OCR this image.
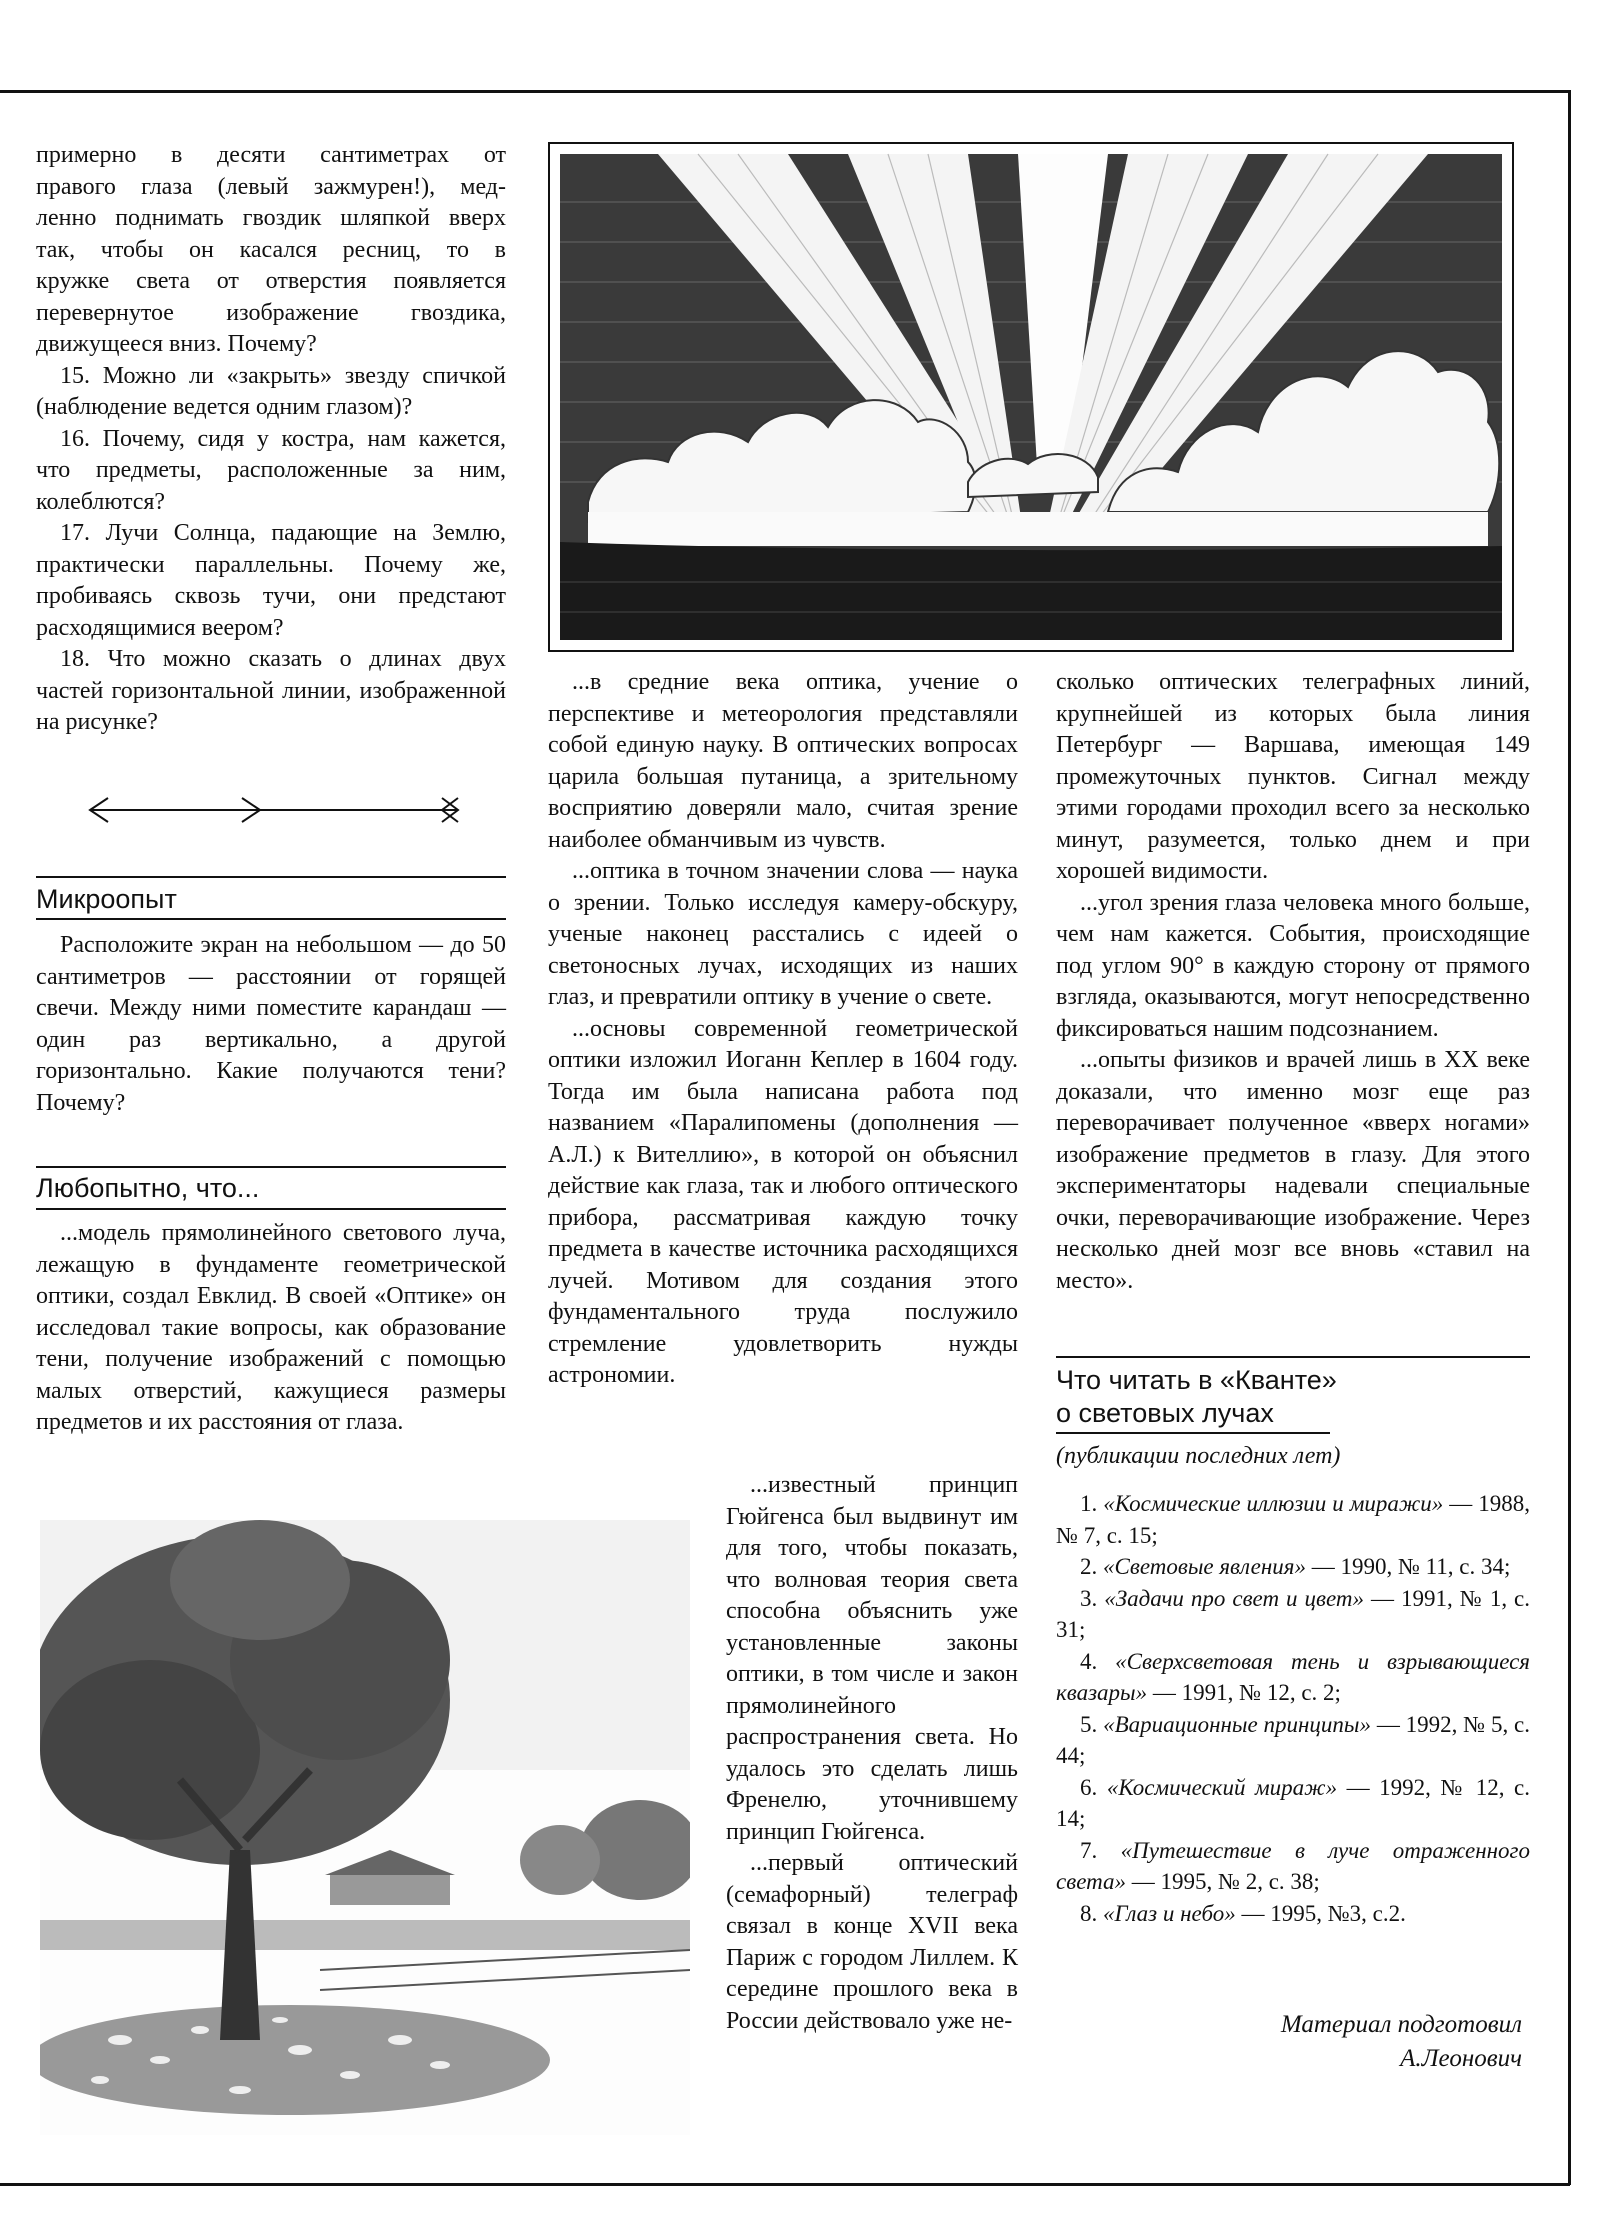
примерно в десяти сантиметрах от
правого глаза (левый зажмурен!), мед-
ленно поднимать гвоздик шляпкой вверх
так, чтобы он касался ресниц, то в
кружке света от отверстия появляется
перевернутое изображение гвоздика,
движущееся вниз. Почему?

15. Можно ли «закрыть» звезду спичкой (наблюдение ведется одним глазом)?

16. Почему, сидя у костра, нам кажется, что предметы, расположенные за ним, колеблются?

17. Лучи Солнца, падающие на Землю, практически параллельны. Почему же, пробиваясь сквозь тучи, они предстают расходящимися веером?

18. Что можно сказать о длинах двух частей горизонтальной линии, изображенной на рисунке?

Микроопыт

Расположите экран на небольшом — до 50 сантиметров — расстоянии от горящей свечи. Между ними поместите карандаш — один раз вертикально, а другой горизонтально. Какие получаются тени? Почему?

Любопытно, что...

...модель прямолинейного светового луча, лежащую в фундаменте геометрической оптики, создал Евклид. В своей «Оптике» он исследовал такие вопросы, как образование тени, получение изображений с помощью малых отверстий, кажущиеся размеры предметов и их расстояния от глаза.

...в средние века оптика, учение о перспективе и метеорология представляли собой единую науку. В оптических вопросах царила большая путаница, а зрительному восприятию доверяли мало, считая зрение наиболее обманчивым из чувств.

...оптика в точном значении слова — наука о зрении. Только исследуя камеру-обскуру, ученые наконец расстались с идеей о светоносных лучах, исходящих из наших глаз, и превратили оптику в учение о свете.

...основы современной геометрической оптики изложил Иоганн Кеплер в 1604 году. Тогда им была написана работа под названием «Паралипомены (дополнения — А.Л.) к Вителлию», в которой он объяснил действие как глаза, так и любого оптического прибора, рассматривая каждую точку предмета в качестве источника расходящихся лучей. Мотивом для создания этого фундаментального труда послужило стремление удовлетворить нужды астрономии.

...известный принцип Гюйгенса был выдвинут им для того, чтобы показать, что волновая теория света способна объяснить уже установленные законы оптики, в том числе и закон прямолинейного распространения света. Но удалось это сделать лишь Френелю, уточнившему принцип Гюйгенса.

...первый оптический (семафорный) телеграф связал в конце XVII века Париж с городом Лиллем. К середине прошлого века в России действовало уже не-

сколько оптических телеграфных линий, крупнейшей из которых была линия Петербург — Варшава, имеющая 149 промежуточных пунктов. Сигнал между этими городами проходил всего за несколько минут, разумеется, только днем и при хорошей видимости.

...угол зрения глаза человека много больше, чем нам кажется. События, происходящие под углом 90° в каждую сторону от прямого взгляда, оказываются, могут непосредственно фиксироваться нашим подсознанием.

...опыты физиков и врачей лишь в XX веке доказали, что именно мозг еще раз переворачивает полученное «вверх ногами» изображение предметов в глазу. Для этого экспериментаторы надевали специальные очки, переворачивающие изображение. Через несколько дней мозг все вновь «ставил на место».

Что читать в «Кванте»
о световых лучах
(публикации последних лет)

1. «Космические иллюзии и миражи» — 1988, № 7, с. 15;

2. «Световые явления» — 1990, № 11, с. 34;

3. «Задачи про свет и цвет» — 1991, № 1, с. 31;

4. «Сверхсветовая тень и взрывающиеся квазары» — 1991, № 12, с. 2;

5. «Вариационные принципы» — 1992, № 5, с. 44;

6. «Космический мираж» — 1992, № 12, с. 14;

7. «Путешествие в луче отраженного света» — 1995, № 2, с. 38;

8. «Глаз и небо» — 1995, №3, с.2.

Материал подготовил
А.Леонович
